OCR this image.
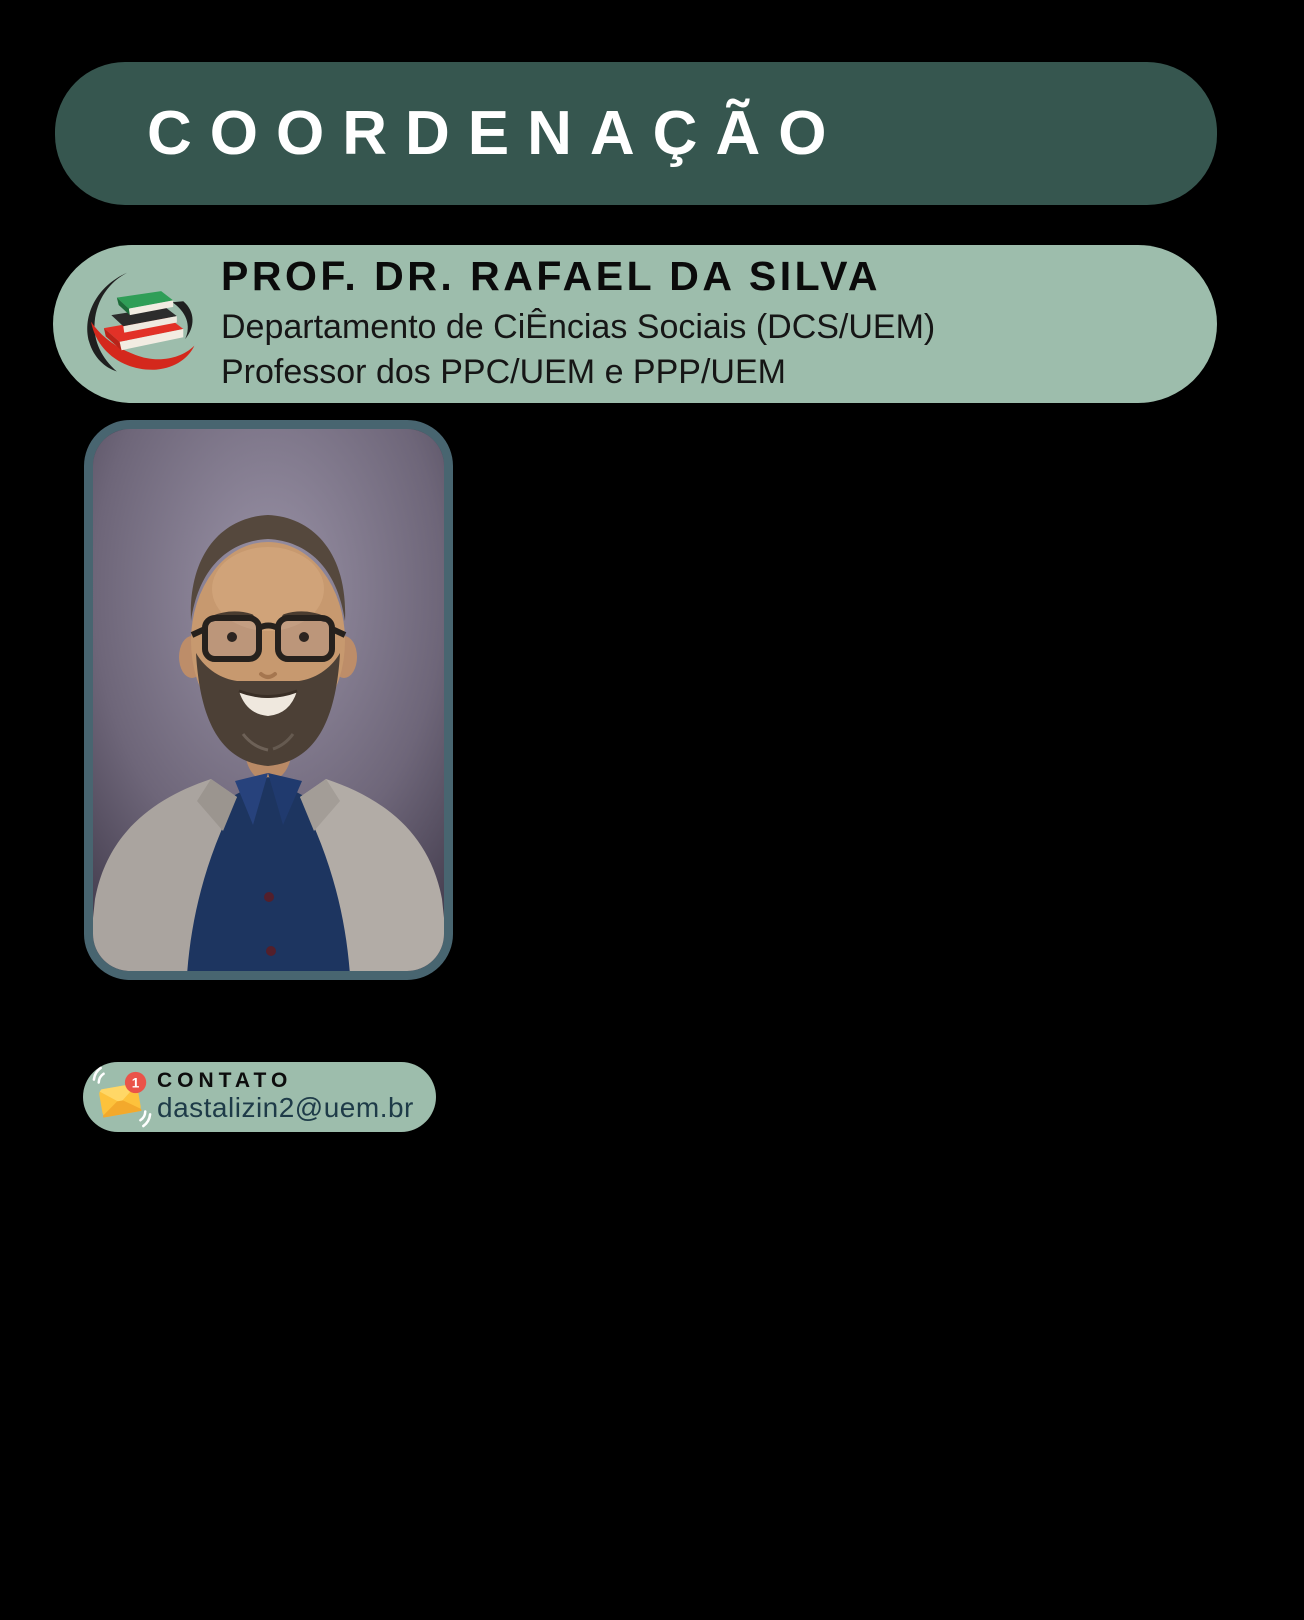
COORDENAÇÃO
PROF. DR. RAFAEL DA SILVA
Departamento de CiÊncias Sociais (DCS/UEM)
Professor dos PPC/UEM e PPP/UEM
1 CONTATO
dastalizin2@uem.br
